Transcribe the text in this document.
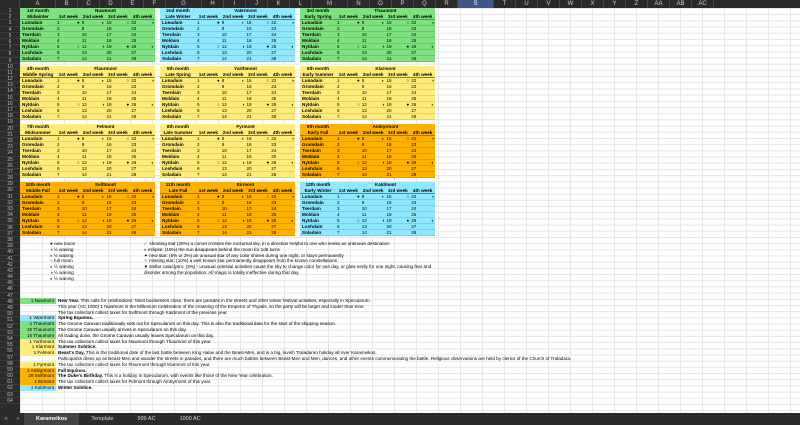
A	B	C	D	E	F	G	H	I	J	K	L	M	N	O	P	Q	R	S	T	U	V	W	X	Y	Z	AA	AB	AC
1
2
3
4
5
6
7
8
9
10
11
12
13
14
15
16
17
18
19
20
21
22
23
24
25
26
27
28
29
30
31
32
33
34
35
36
37
38
39
40
41
42
43
44
45
46
47
48
49
50
51
52
53
54
55
56
57
58
59
60
61
62
63
64
● new moon
◑ ½ waxing
◐ ½ waxing
○ full moon
◐ ½ waning
◑ ½ waning
◐ ½ waning
☄ shooting star (20%) a comet crosses the nocturnal sky, in a direction helpful to one who seeks an unknown destination
◐ eclipse: (15%) the sun disappears behind the moon for 1d6 turns
✦ new star: (5% or 3%) an unusual star of any color shines during one night, or stays permanently
✧ missing star: (10%) a well known star permanently disappears from the known constellations
✷ stellar cataclysm: (3%) - unusual celestial activities cause the sky to change color for one day, or glow eerily for one night, causing fear and disorder among the population. All magic is totally ineffective during that day.
1 Nuwmont New Year. This calls for celebrations: Most businesses close, there are parades in the streets and other winter festival activities, especially in Specularum.
This year (AC 1000) 1 Nuwmont is the Millenium Celebration of the crowning of the Emperor of Thyatis, so the party will be larger and louder than ever.
The tax collectors collect taxes for Sviftmont through Kaldmont of the previous year.
1 Vatermont Spring Equinox.
1 Thaumont The Gnome Caravan traditionally sets out for Specularum on this day. This is also the traditional date for the start of the shipping season.
15 Thaumont The Gnome Caravan usually arrives in Specularum on this day.
15 Thaumont All trading done, the Gnome Caravan usually leaves Specularum on this day.
1 Yarthmont The tax collectors collect taxes for Nuwmont through Thaumont of this year.
1 Klarmont Summer Solstice.
1 Felmont Beast's Day. This is the traditional date of the last battle between King Halav and the Beast-Men, and is a big, lavish Traladaran holiday all over Karameikos.
Participants dress up as Beast-Men and wander the streets in parades, and there are much battles between Beast-Men and Men, dances, and other events commemorating the battle. Religious observations are held by clerics of the Church of Traladara.
1 Fyrmont The tax collectors collect taxes for Flaurmont through Klarmont of this year.
1 Ambyrmont Fall Equinox.
28 Sviftmont The Duke's Birthday. This is a holiday in Specularum, with events like those of the New Year celebration.
1 Eirmont The tax collectors collect taxes for Felmont through Ambyrmont of this year.
1 Kaldmont Winter Solstice.
1st month
Midwinter
Nuwmont
1st week	2nd week 3rd week	4th week
Lunadain	1	● 8	◐ 15	○ 22	◑
Gromdain	2	9	16	23
Tserdain	3	10	17	24
Moldain	4	11	18	25
Nytdain	5	○ 12	◑ 19	● 26	◐
Loshdain	6	13	20	27
Soladain	7	14	21	28
2nd month
Late Winter
Vatermont
1st week	2nd week 3rd week	4th week
Lunadain	1	● 8	◐ 15	○ 22	◑
Gromdain	2	9	16	23
Tserdain	3	10	17	24
Moldain	4	11	18	25
Nytdain	5	○ 12	◑ 19	● 26	◐
Loshdain	6	13	20	27
Soladain	7	14	21	28
3rd month
Early Spring
Thaumont
1st week	2nd week 3rd week	4th week
Lunadain	1	● 8	◐ 15	○ 22	◑
Gromdain	2	9	16	23
Tserdain	3	10	17	24
Moldain	4	11	18	25
Nytdain	5	○ 12	◑ 19	● 26	◐
Loshdain	6	13	20	27
Soladain	7	14	21	28
4th month
Middle Spring
Flaurmont
1st week	2nd week 3rd week	4th week
Lunadain	1	● 8	◐ 15	○ 22	◑
Gromdain	2	9	16	23
Tserdain	3	10	17	24
Moldain	4	11	18	25
Nytdain	5	○ 12	◑ 19	● 26	◐
Loshdain	6	13	20	27
Soladain	7	14	21	28
5th month
Late Spring
Yarthmont
1st week	2nd week 3rd week	4th week
Lunadain	1	● 8	◐ 15	○ 22	◑
Gromdain	2	9	16	23
Tserdain	3	10	17	24
Moldain	4	11	18	25
Nytdain	5	○ 12	◑ 19	● 26	◐
Loshdain	6	13	20	27
Soladain	7	14	21	28
6th month
Early Summer
Klarmont
1st week	2nd week 3rd week	4th week
Lunadain	1	● 8	◐ 15	○ 22	◑
Gromdain	2	9	16	23
Tserdain	3	10	17	24
Moldain	4	11	18	25
Nytdain	5	○ 12	◑ 19	● 26	◐
Loshdain	6	13	20	27
Soladain	7	14	21	28
7th month
Midsummer
Felmont
1st week	2nd week 3rd week	4th week
Lunadain	1	● 8	◐ 15	○ 22	◑
Gromdain	2	9	16	23
Tserdain	3	10	17	24
Moldain	4	11	18	25
Nytdain	5	○ 12	◑ 19	● 26	◐
Loshdain	6	13	20	27
Soladain	7	14	21	28
8th month
Late Summer
Fyrmont
1st week	2nd week 3rd week	4th week
Lunadain	1	● 8	◐ 15	○ 22	◑
Gromdain	2	9	16	23
Tserdain	3	10	17	24
Moldain	4	11	18	25
Nytdain	5	○ 12	◑ 19	● 26	◐
Loshdain	6	13	20	27
Soladain	7	14	21	28
9th month
Early Fall
Ambyrmont
1st week	2nd week 3rd week	4th week
Lunadain	1	● 8	◐ 15	○ 22	◑
Gromdain	2	9	16	23
Tserdain	3	10	17	24
Moldain	4	11	18	25
Nytdain	5	○ 12	◑ 19	● 26	◐
Loshdain	6	13	20	27
Soladain	7	14	21	28
10th month
Middle Fall
Sviftmont
1st week	2nd week 3rd week	4th week
Lunadain	1	● 8	◐ 15	○ 22	◑
Gromdain	2	9	16	23
Tserdain	3	10	17	24
Moldain	4	11	18	25
Nytdain	5	○ 12	◑ 19	● 26	◐
Loshdain	6	13	20	27
Soladain	7	14	21	28
11th month
Late Fall
Eirmont
1st week	2nd week 3rd week	4th week
Lunadain	1	● 8	◐ 15	○ 22	◑
Gromdain	2	9	16	23
Tserdain	3	10	17	24
Moldain	4	11	18	25
Nytdain	5	○ 12	◑ 19	● 26	◐
Loshdain	6	13	20	27
Soladain	7	14	21	28
12th month
Early Winter
Kaldmont
1st week	2nd week 3rd week	4th week
Lunadain	1	● 8	◐ 15	○ 22	◑
Gromdain	2	9	16	23
Tserdain	3	10	17	24
Moldain	4	11	18	25
Nytdain	5	○ 12	◑ 19	● 26	◐
Loshdain	6	13	20	27
Soladain	7	14	21	28
≡	+	Karameikos	Template	999 AC	1000 AC
